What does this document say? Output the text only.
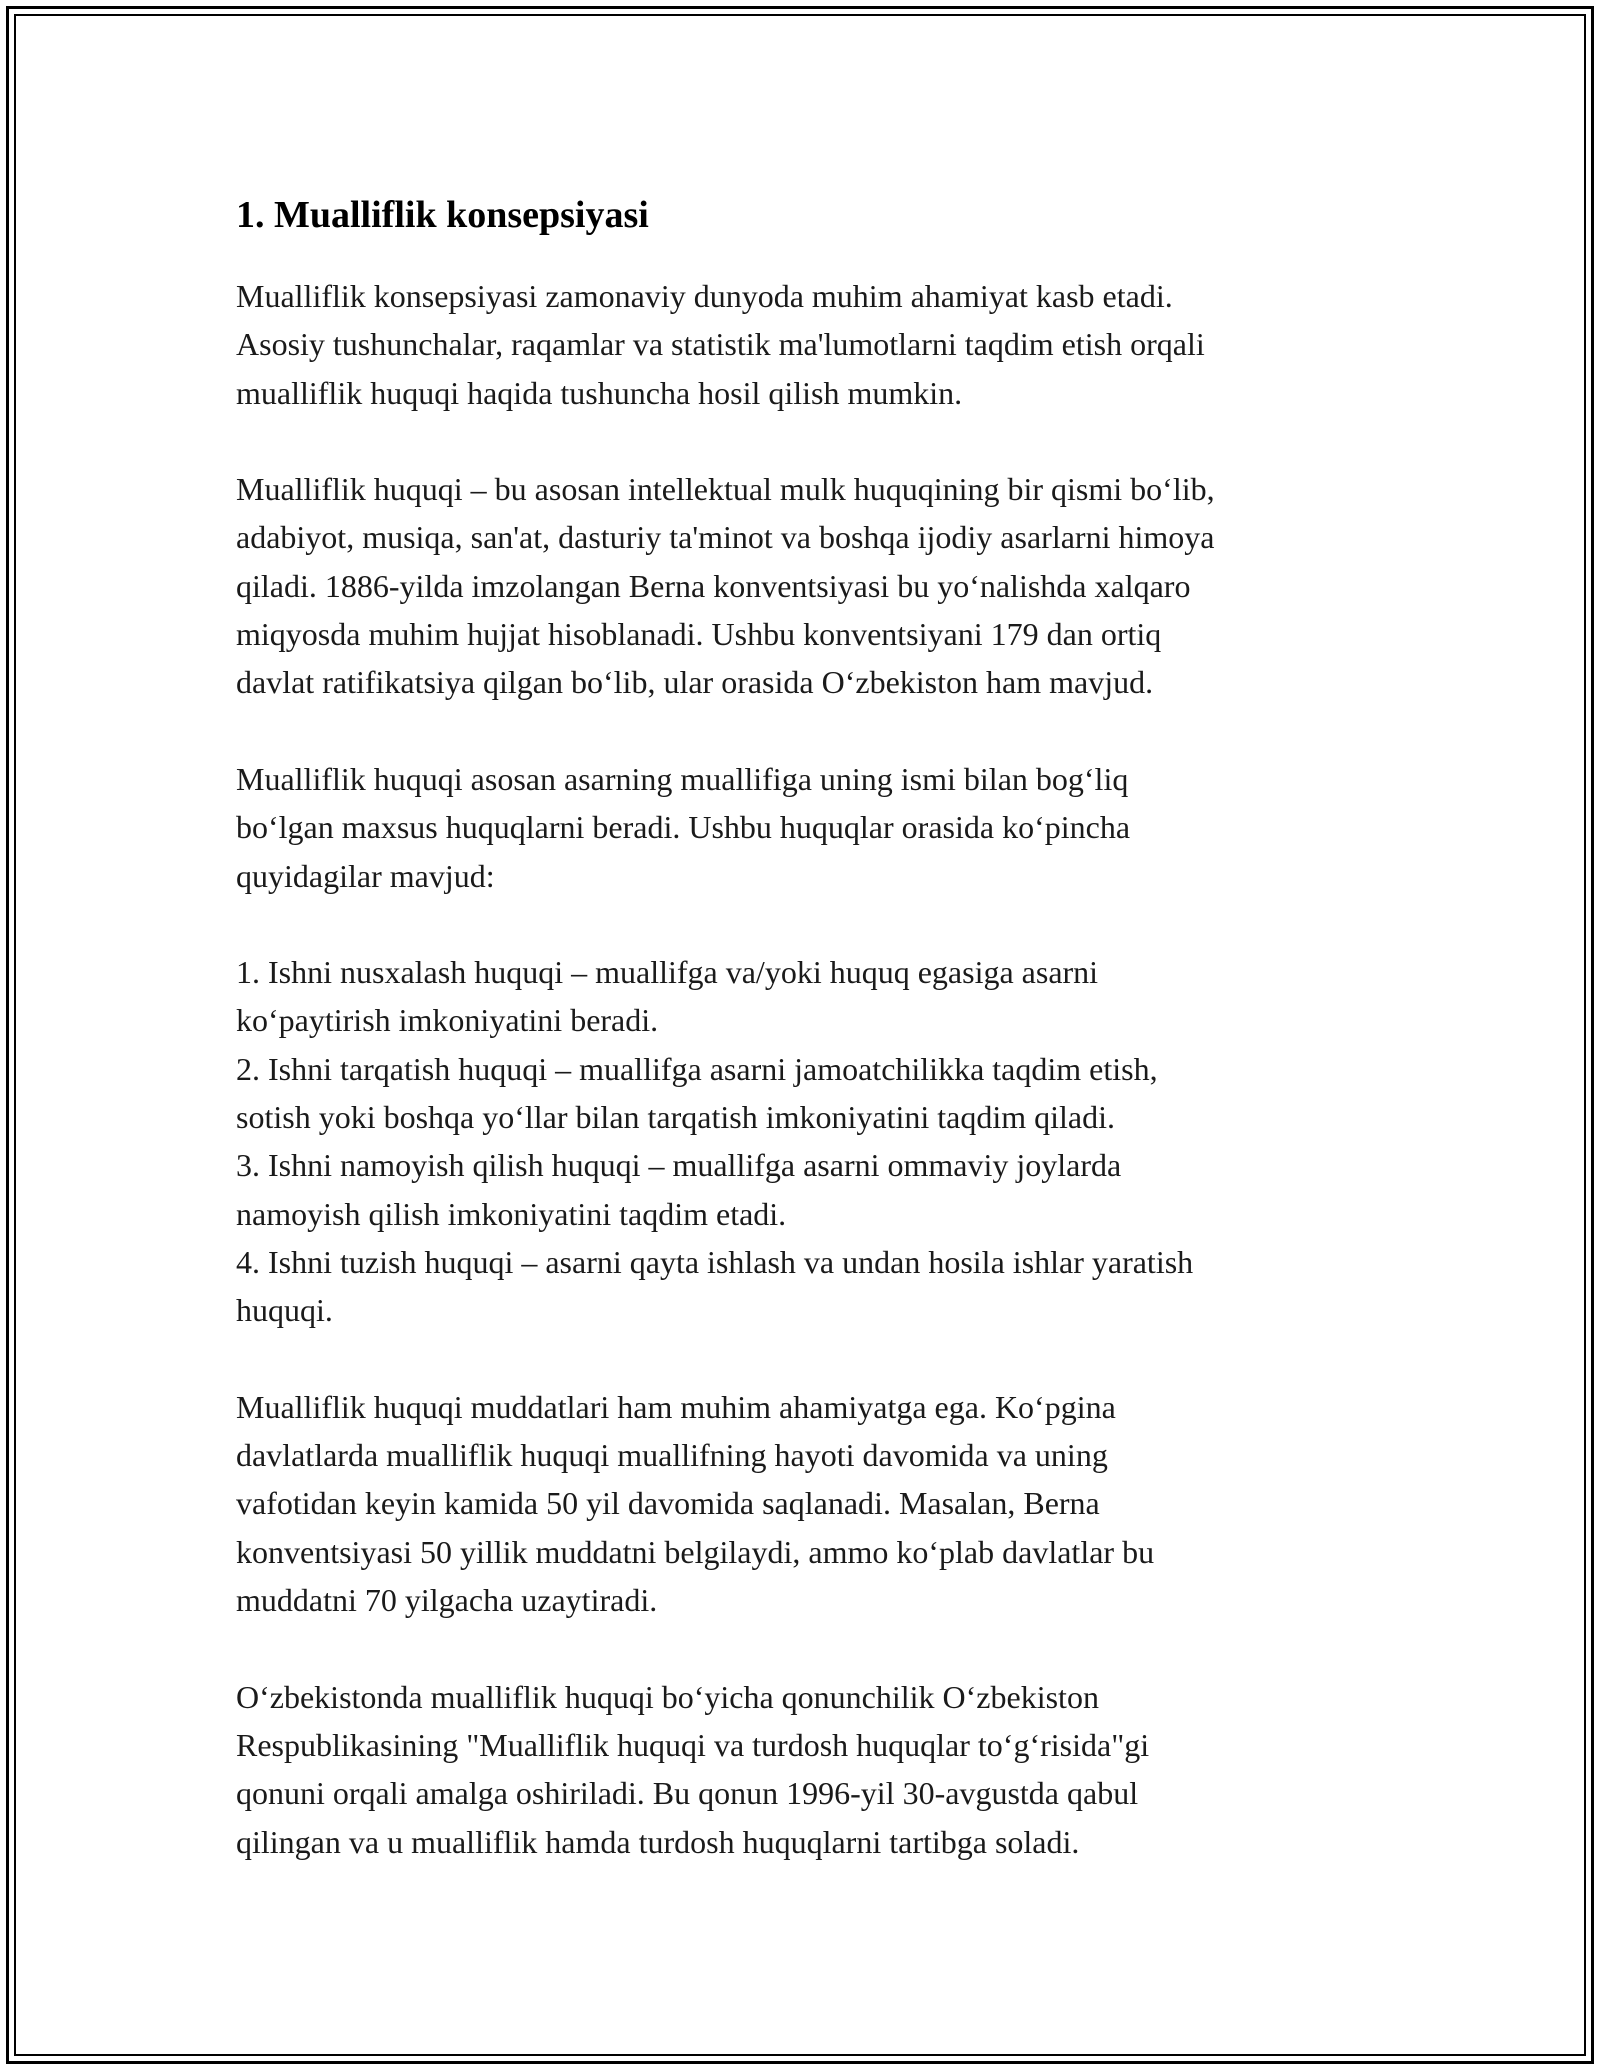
1. Mualliflik konsepsiyasi
Mualliflik konsepsiyasi zamonaviy dunyoda muhim ahamiyat kasb etadi.
Asosiy tushunchalar, raqamlar va statistik ma'lumotlarni taqdim etish orqali
mualliflik huquqi haqida tushuncha hosil qilish mumkin.
Mualliflik huquqi – bu asosan intellektual mulk huquqining bir qismi bo‘lib,
adabiyot, musiqa, san'at, dasturiy ta'minot va boshqa ijodiy asarlarni himoya
qiladi. 1886-yilda imzolangan Berna konventsiyasi bu yo‘nalishda xalqaro
miqyosda muhim hujjat hisoblanadi. Ushbu konventsiyani 179 dan ortiq
davlat ratifikatsiya qilgan bo‘lib, ular orasida O‘zbekiston ham mavjud.
Mualliflik huquqi asosan asarning muallifiga uning ismi bilan bog‘liq
bo‘lgan maxsus huquqlarni beradi. Ushbu huquqlar orasida ko‘pincha
quyidagilar mavjud:
1. Ishni nusxalash huquqi – muallifga va/yoki huquq egasiga asarni
ko‘paytirish imkoniyatini beradi.
2. Ishni tarqatish huquqi – muallifga asarni jamoatchilikka taqdim etish,
sotish yoki boshqa yo‘llar bilan tarqatish imkoniyatini taqdim qiladi.
3. Ishni namoyish qilish huquqi – muallifga asarni ommaviy joylarda
namoyish qilish imkoniyatini taqdim etadi.
4. Ishni tuzish huquqi – asarni qayta ishlash va undan hosila ishlar yaratish
huquqi.
Mualliflik huquqi muddatlari ham muhim ahamiyatga ega. Ko‘pgina
davlatlarda mualliflik huquqi muallifning hayoti davomida va uning
vafotidan keyin kamida 50 yil davomida saqlanadi. Masalan, Berna
konventsiyasi 50 yillik muddatni belgilaydi, ammo ko‘plab davlatlar bu
muddatni 70 yilgacha uzaytiradi.
O‘zbekistonda mualliflik huquqi bo‘yicha qonunchilik O‘zbekiston
Respublikasining "Mualliflik huquqi va turdosh huquqlar to‘g‘risida"gi
qonuni orqali amalga oshiriladi. Bu qonun 1996-yil 30-avgustda qabul
qilingan va u mualliflik hamda turdosh huquqlarni tartibga soladi.
